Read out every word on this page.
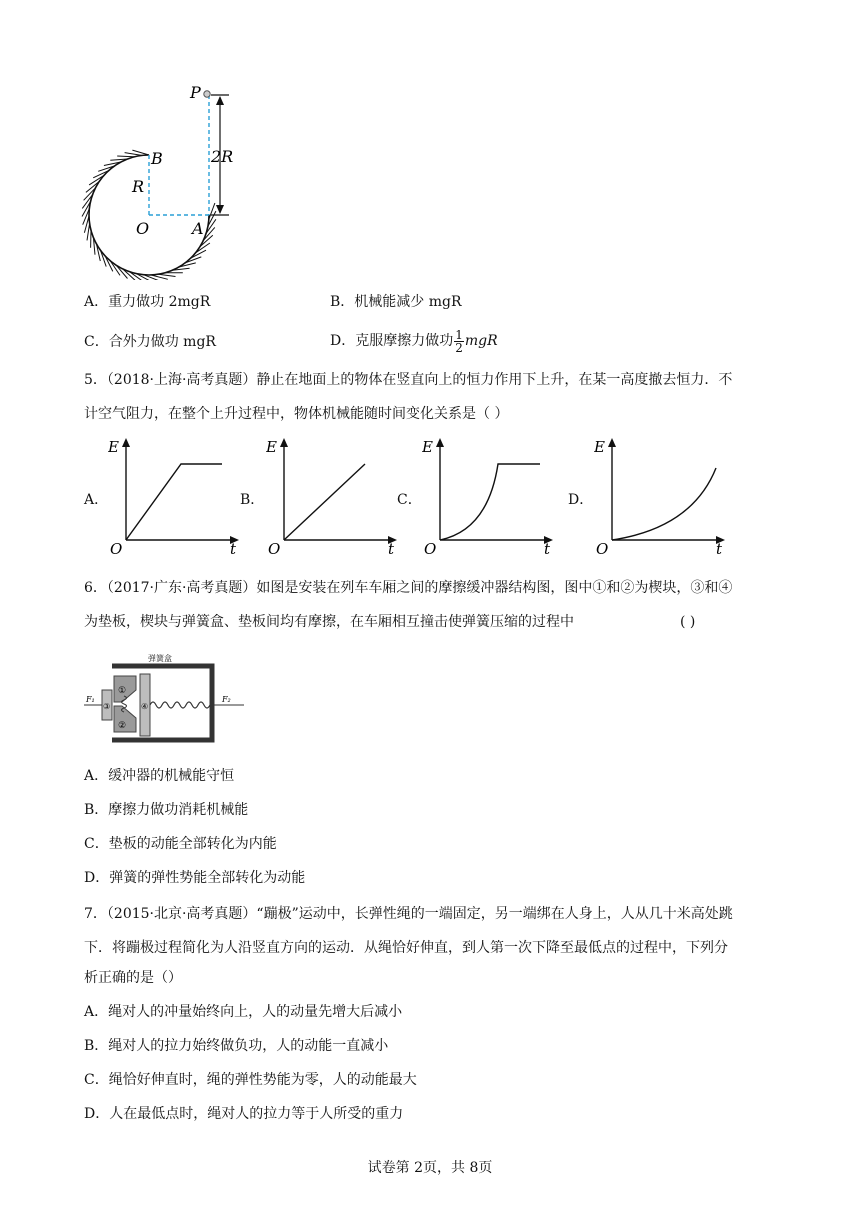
P
B
R
2R
O	A
A．重力做功 2mgR	B．机械能减少 mgR
C．合外力做功 mgR	D．克服摩擦力做功 $\frac{1}{2}$ mgR
5．（2018·上海·高考真题）静止在地面上的物体在竖直向上的恒力作用下上升，在某一高度撤去恒力．不
计空气阻力，在整个上升过程中，物体机械能随时间变化关系是（ ）
A．
E
O	t
B．
E
O	t
C．
E
O	t
D．
E
O	t
6．（2017·广东·高考真题）如图是安装在列车车厢之间的摩擦缓冲器结构图，图中①和②为楔块，③和④
为垫板，楔块与弹簧盒、垫板间均有摩擦，在车厢相互撞击使弹簧压缩的过程中	( )
弹簧盒
①
②
③	④
F₁	F₂
A．缓冲器的机械能守恒
B．摩擦力做功消耗机械能
C．垫板的动能全部转化为内能
D．弹簧的弹性势能全部转化为动能
7．（2015·北京·高考真题）“蹦极”运动中，长弹性绳的一端固定，另一端绑在人身上，人从几十米高处跳
下．将蹦极过程简化为人沿竖直方向的运动．从绳恰好伸直，到人第一次下降至最低点的过程中，下列分
析正确的是（）
A．绳对人的冲量始终向上，人的动量先增大后减小
B．绳对人的拉力始终做负功，人的动能一直减小
C．绳恰好伸直时，绳的弹性势能为零，人的动能最大
D．人在最低点时，绳对人的拉力等于人所受的重力
试卷第 2页，共 8页
